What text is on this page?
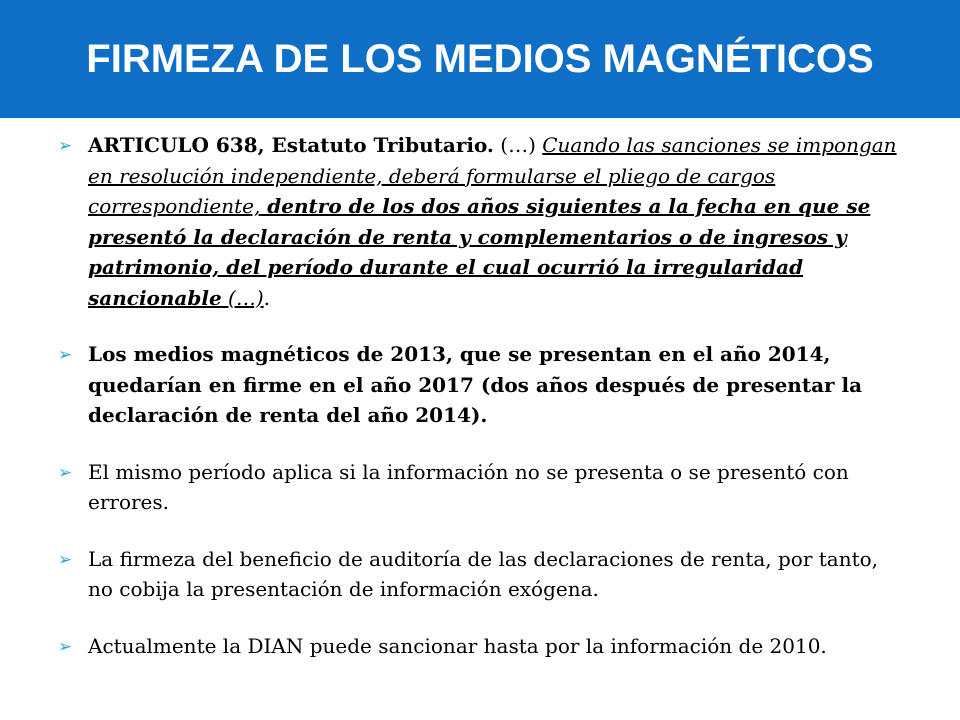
FIRMEZA DE LOS MEDIOS MAGNÉTICOS
➢ ARTICULO 638, Estatuto Tributario. (…) Cuando las sanciones se impongan en resolución independiente, deberá formularse el pliego de cargos correspondiente, dentro de los dos años siguientes a la fecha en que se presentó la declaración de renta y complementarios o de ingresos y patrimonio, del período durante el cual ocurrió la irregularidad sancionable (…).
➢ Los medios magnéticos de 2013, que se presentan en el año 2014, quedarían en firme en el año 2017 (dos años después de presentar la declaración de renta del año 2014).
➢ El mismo período aplica si la información no se presenta o se presentó con errores.
➢ La firmeza del beneficio de auditoría de las declaraciones de renta, por tanto, no cobija la presentación de información exógena.
➢ Actualmente la DIAN puede sancionar hasta por la información de 2010.
